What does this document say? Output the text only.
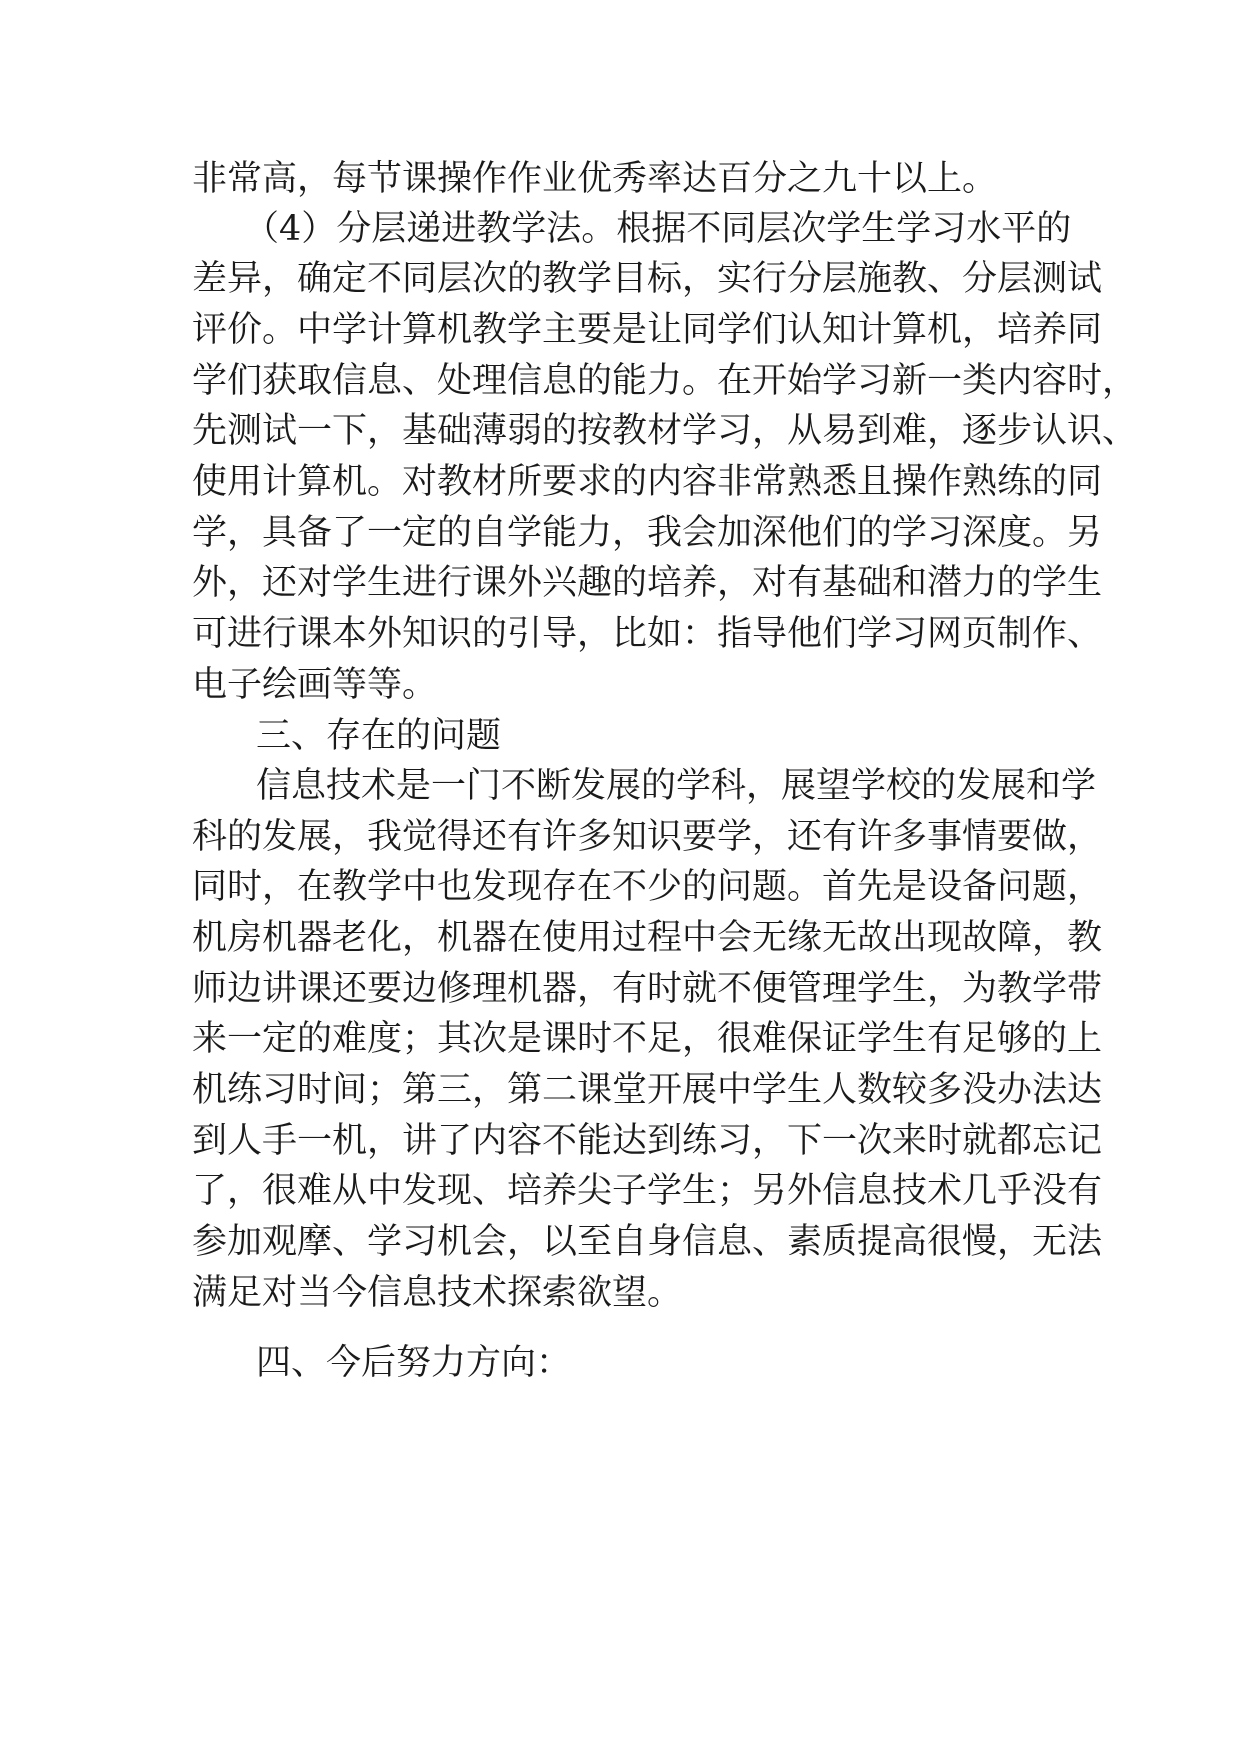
非常高，每节课操作作业优秀率达百分之九十以上。
（4）分层递进教学法。根据不同层次学生学习水平的
差异，确定不同层次的教学目标，实行分层施教、分层测试
评价。中学计算机教学主要是让同学们认知计算机，培养同
学们获取信息、处理信息的能力。在开始学习新一类内容时，
先测试一下，基础薄弱的按教材学习，从易到难，逐步认识、
使用计算机。对教材所要求的内容非常熟悉且操作熟练的同
学，具备了一定的自学能力，我会加深他们的学习深度。另
外，还对学生进行课外兴趣的培养，对有基础和潜力的学生
可进行课本外知识的引导，比如：指导他们学习网页制作、
电子绘画等等。
三、存在的问题
信息技术是一门不断发展的学科，展望学校的发展和学
科的发展，我觉得还有许多知识要学，还有许多事情要做，
同时，在教学中也发现存在不少的问题。首先是设备问题，
机房机器老化，机器在使用过程中会无缘无故出现故障，教
师边讲课还要边修理机器，有时就不便管理学生，为教学带
来一定的难度；其次是课时不足，很难保证学生有足够的上
机练习时间；第三，第二课堂开展中学生人数较多没办法达
到人手一机，讲了内容不能达到练习，下一次来时就都忘记
了，很难从中发现、培养尖子学生；另外信息技术几乎没有
参加观摩、学习机会，以至自身信息、素质提高很慢，无法
满足对当今信息技术探索欲望。
四、今后努力方向：
